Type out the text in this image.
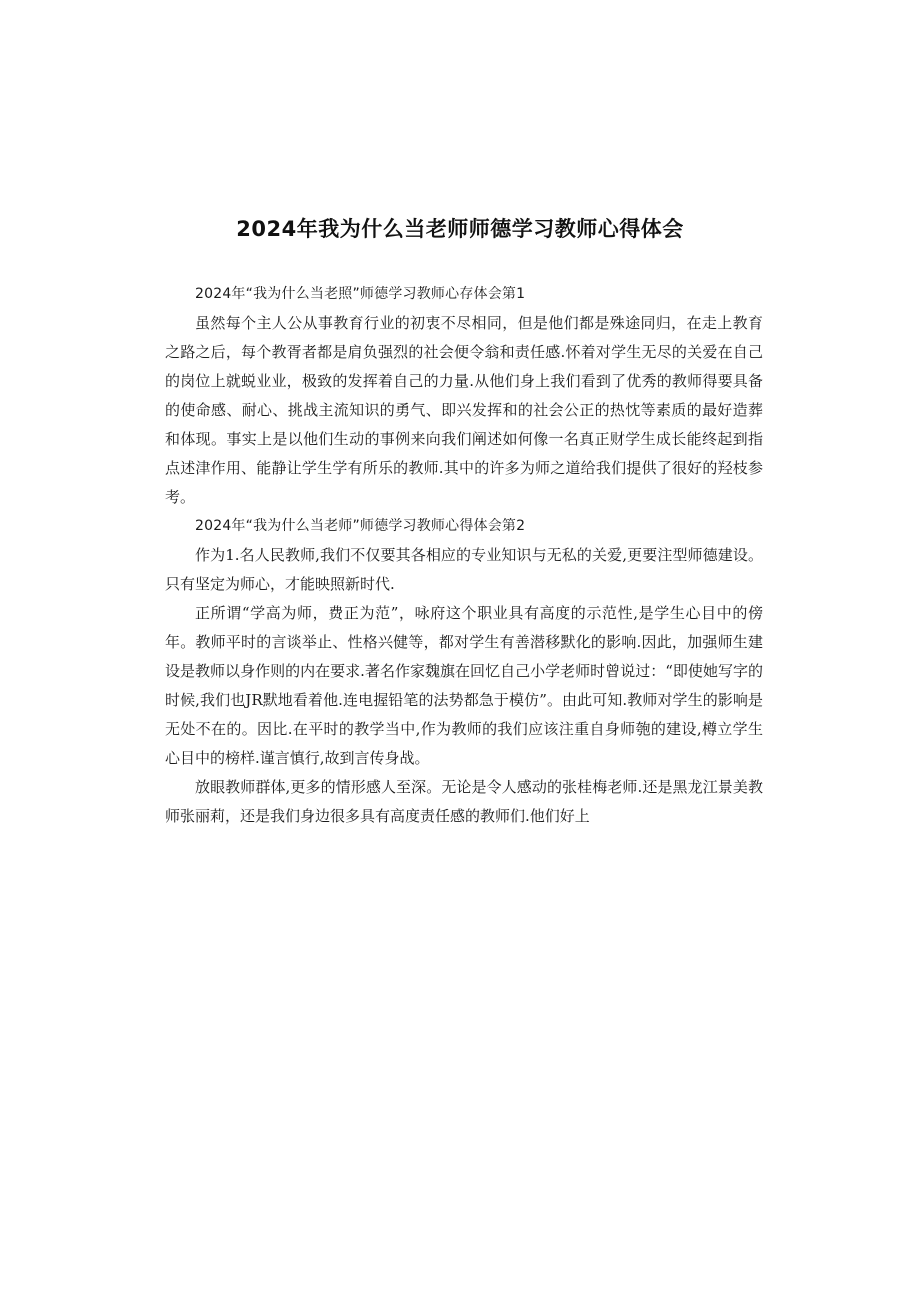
2024年我为什么当老师师德学习教师心得体会

2024年“我为什么当老照”师德学习教师心存体会第1

虽然每个主人公从事教育行业的初衷不尽相同，但是他们都是殊途同归，在走上教育之路之后，每个教胥者都是肩负强烈的社会便令翁和责任感.怀着对学生无尽的关爱在自己的岗位上就蜕业业，极致的发挥着自己的力量.从他们身上我们看到了优秀的教师得要具备的使命感、耐心、挑战主流知识的勇气、即兴发挥和的社会公正的热忱等素质的最好造葬和体现。事实上是以他们生动的事例来向我们阐述如何像一名真正财学生成长能终起到指点述津作用、能静让学生学有所乐的教师.其中的许多为师之道给我们提供了很好的羟枝参考。

2024年“我为什么当老师”师德学习教师心得体会第2

作为1.名人民教师,我们不仅要其各相应的专业知识与无私的关爱,更要注型师德建设。只有坚定为师心，才能映照新时代.

正所谓“学高为师，费正为范”，咏府这个职业具有高度的示范性,是学生心目中的傍年。教师平时的言谈举止、性格兴健等，都对学生有善潜移默化的影响.因此，加强师生建设是教师以身作则的内在要求.著名作家魏旗在回忆自己小学老师时曾说过：“即使她写字的时候,我们也JR默地看着他.连电握铅笔的法势都急于模仿”。由此可知.教师对学生的影响是无处不在的。因比.在平时的教学当中,作为教师的我们应该注重自身师匏的建设,樽立学生心目中的榜样.谨言慎行,故到言传身战。

放眼教师群体,更多的情形感人至深。无论是令人感动的张桂梅老师.还是黑龙江景美教师张丽莉，还是我们身边很多具有高度责任感的教师们.他们好上
